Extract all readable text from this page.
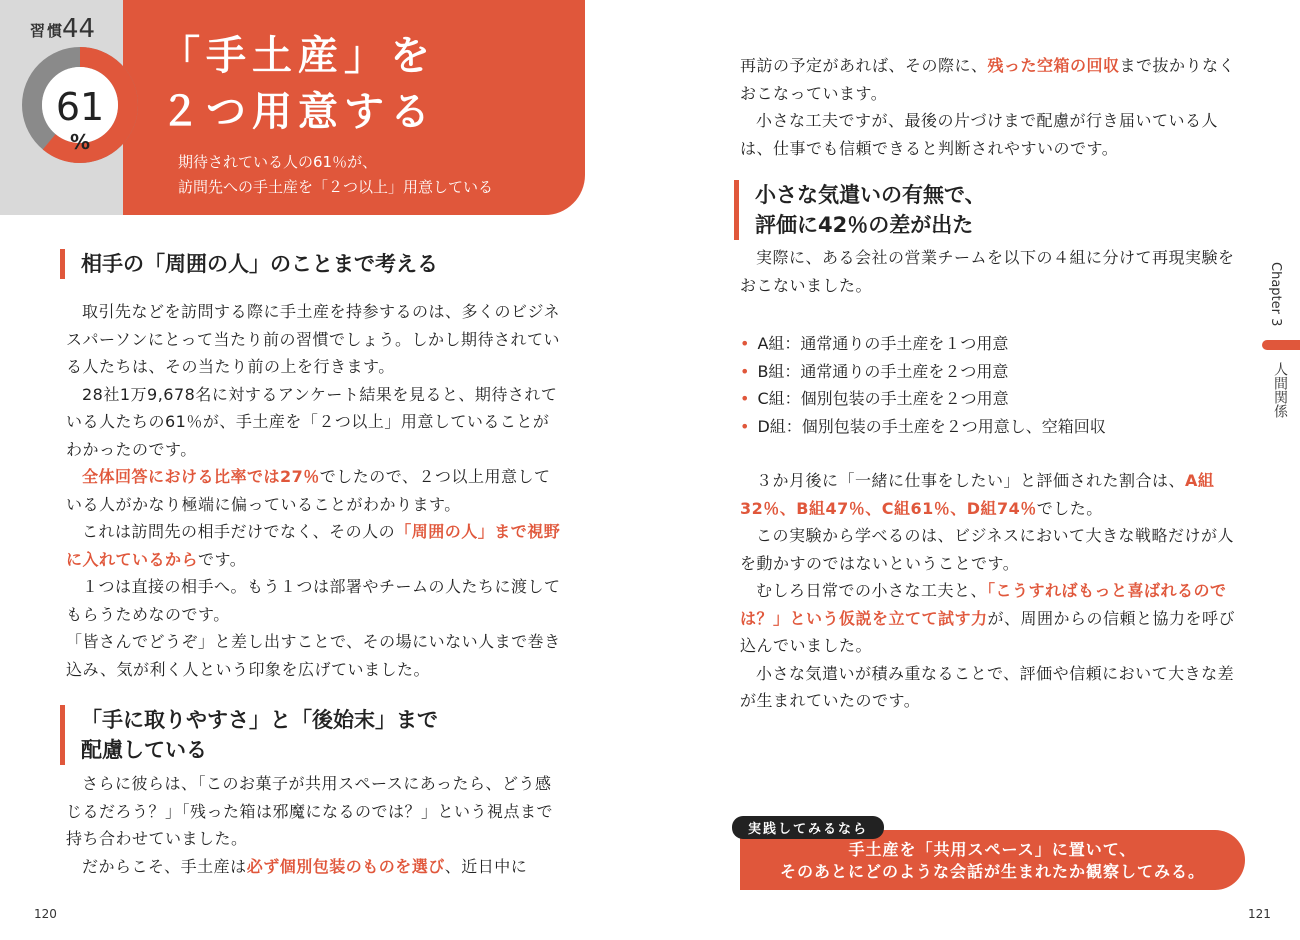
習慣
44
61
%
「手土産」を
２つ用意する
期待されている人の61％が、
訪問先への手土産を「２つ以上」用意している
相手の「周囲の人」のことまで考える

取引先などを訪問する際に手土産を持参するのは、多くのビジネスパーソンにとって当たり前の習慣でしょう。しかし期待されている人たちは、その当たり前の上を行きます。

28社1万9,678名に対するアンケート結果を見ると、期待されている人たちの61％が、手土産を「２つ以上」用意していることがわかったのです。

全体回答における比率では27％でしたので、２つ以上用意している人がかなり極端に偏っていることがわかります。

これは訪問先の相手だけでなく、その人の「周囲の人」まで視野に入れているからです。

１つは直接の相手へ。もう１つは部署やチームの人たちに渡してもらうためなのです。

「皆さんでどうぞ」と差し出すことで、その場にいない人まで巻き込み、気が利く人という印象を広げていました。

「手に取りやすさ」と「後始末」まで
配慮している

さらに彼らは、「このお菓子が共用スペースにあったら、どう感じるだろう？」「残った箱は邪魔になるのでは？」という視点まで持ち合わせていました。

だからこそ、手土産は必ず個別包装のものを選び、近日中に

120

再訪の予定があれば、その際に、残った空箱の回収まで抜かりなくおこなっています。

小さな工夫ですが、最後の片づけまで配慮が行き届いている人は、仕事でも信頼できると判断されやすいのです。

小さな気遣いの有無で、
評価に42％の差が出た

実際に、ある会社の営業チームを以下の４組に分けて再現実験をおこないました。

• A組：通常通りの手土産を１つ用意
• B組：通常通りの手土産を２つ用意
• C組：個別包装の手土産を２つ用意
• D組：個別包装の手土産を２つ用意し、空箱回収

３か月後に「一緒に仕事をしたい」と評価された割合は、A組32％、B組47％、C組61％、D組74％でした。

この実験から学べるのは、ビジネスにおいて大きな戦略だけが人を動かすのではないということです。

むしろ日常での小さな工夫と、「こうすればもっと喜ばれるのでは？」という仮説を立てて試す力が、周囲からの信頼と協力を呼び込んでいました。

小さな気遣いが積み重なることで、評価や信頼において大きな差が生まれていたのです。

Chapter 3
人間関係
手土産を「共用スペース」に置いて、
そのあとにどのような会話が生まれたか観察してみる。
実践してみるなら
121
